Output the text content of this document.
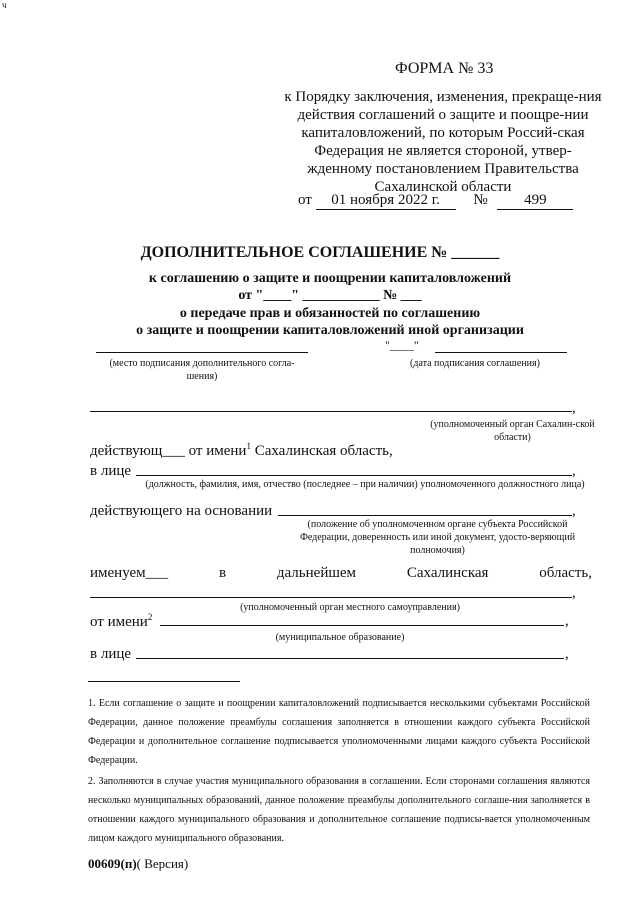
ч
ФОРМА № 33
к Порядку заключения, изменения, прекраще-ния действия соглашений о защите и поощре-нии капиталовложений, по которым Россий-ская Федерация не является стороной, утвер-жденному постановлением Правительства Сахалинской области
от 01 ноября 2022 г. № 499
ДОПОЛНИТЕЛЬНОЕ СОГЛАШЕНИЕ № ______
к соглашению о защите и поощрении капиталовложений
от "____" ___________ № ___
о передаче прав и обязанностей по соглашению
о защите и поощрении капиталовложений иной организации
"____"
(место подписания дополнительного согла-шения)
(дата подписания соглашения)
,
(уполномоченный орган Сахалин-ской области)
действующ___ от имени$^1$ Сахалинская область,
в лице	,
(должность, фамилия, имя, отчество (последнее – при наличии) уполномоченного должностного лица)
действующего на основании	,
(положение об уполномоченном органе субъекта Российской Федерации, доверенность или иной документ, удосто-веряющий полномочия)
именуем___	в	дальнейшем	Сахалинская	область,
,
(уполномоченный орган местного самоуправления)
от имени$^2$	,
(муниципальное образование)
в лице	,
1. Если соглашение о защите и поощрении капиталовложений подписывается несколькими субъектами Российской Федерации, данное положение преамбулы соглашения заполняется в отношении каждого субъекта Российской Федерации и дополнительное соглашение подписывается уполномоченными лицами каждого субъекта Российской Федерации.
2. Заполняются в случае участия муниципального образования в соглашении. Если сторонами соглашения являются несколько муниципальных образований, данное положение преамбулы дополнительного соглаше-ния заполняется в отношении каждого муниципального образования и дополнительное соглашение подписы-вается уполномоченным лицом каждого муниципального образования.
00609(п)( Версия)
